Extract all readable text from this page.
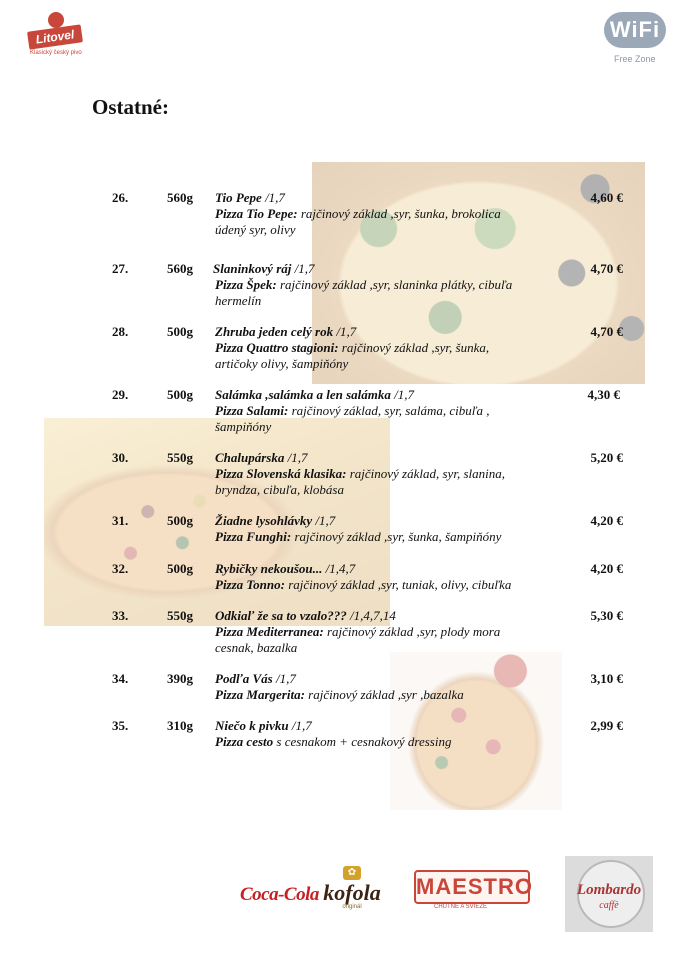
Litovel
Klasický český pivo
WiFi
Free Zone
Ostatné:
26.	560g Tio Pepe /1,7
Pizza Tio Pepe: rajčinový základ ,syr, šunka, brokolica
údený syr, olivy
4,60 €
27.	560g Slaninkový ráj /1,7
Pizza Špek: rajčinový základ ,syr, slaninka plátky, cibuľa
hermelín
4,70 €
28.	500g Zhruba jeden celý rok /1,7
Pizza Quattro stagioni: rajčinový základ ,syr, šunka,
artičoky olivy, šampiňóny
4,70 €
29.	500g Salámka ,salámka a len salámka /1,7
Pizza Salami: rajčinový základ, syr, saláma, cibuľa ,
šampiňóny
4,30 €
30.	550g Chalupárska /1,7
Pizza Slovenská klasika: rajčinový základ, syr, slanina,
bryndza, cibuľa, klobása
5,20 €
31.	500g Žiadne lysohlávky /1,7
Pizza Funghi: rajčinový základ ,syr, šunka, šampiňóny
4,20 €
32.	500g Rybičky nekoušou... /1,4,7
Pizza Tonno: rajčinový základ ,syr, tuniak, olivy, cibuľka
4,20 €
33.	550g Odkiaľ že sa to vzalo??? /1,4,7,14
Pizza Mediterranea: rajčinový základ ,syr, plody mora
cesnak, bazalka
5,30 €
34.	390g Podľa Vás /1,7
Pizza Margerita: rajčinový základ ,syr ,bazalka
3,10 €
35.	310g Niečo k pivku /1,7
Pizza cesto s cesnakom + cesnakový dressing
2,99 €
Coca-Cola
✿
kofola
originál
MAESTRO
CHUTNÉ A SVIEŽE
Lombardo
caffè
